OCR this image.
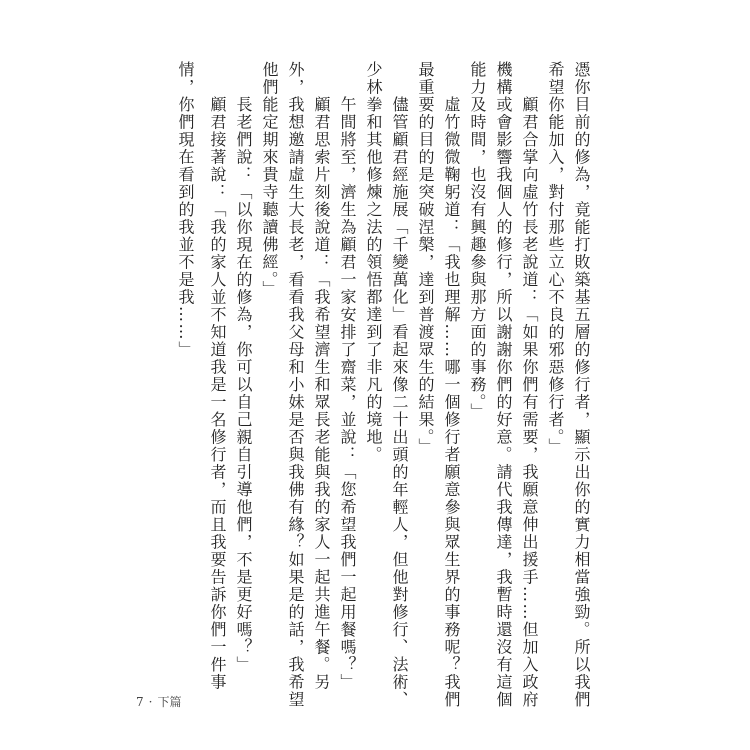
憑你目前的修為，竟能打敗築基五層的修行者，顯示出你的實力相當強勁。所以我們
希望你能加入，對付那些立心不良的邪惡修行者。」
顧君合掌向虛竹長老說道：「如果你們有需要，我願意伸出援手……但加入政府
機構或會影響我個人的修行，所以謝謝你們的好意。請代我傳達，我暫時還沒有這個
能力及時間，也沒有興趣參與那方面的事務。」
虛竹微微鞠躬道：「我也理解……哪一個修行者願意參與眾生界的事務呢？我們
最重要的目的是突破涅槃，達到普渡眾生的結果。」
儘管顧君經施展「千變萬化」看起來像二十出頭的年輕人，但他對修行、法術、
少林拳和其他修煉之法的領悟都達到了非凡的境地。
午間將至，濟生為顧君一家安排了齋菜，並說：「您希望我們一起用餐嗎？」
顧君思索片刻後說道：「我希望濟生和眾長老能與我的家人一起共進午餐。另
外，我想邀請虛生大長老，看看我父母和小妹是否與我佛有緣？如果是的話，我希望
他們能定期來貴寺聽讀佛經。」
長老們說：「以你現在的修為，你可以自己親自引導他們，不是更好嗎？」
顧君接著說：「我的家人並不知道我是一名修行者，而且我要告訴你們一件事
情，你們現在看到的我並不是我……」
7 · 下篇
